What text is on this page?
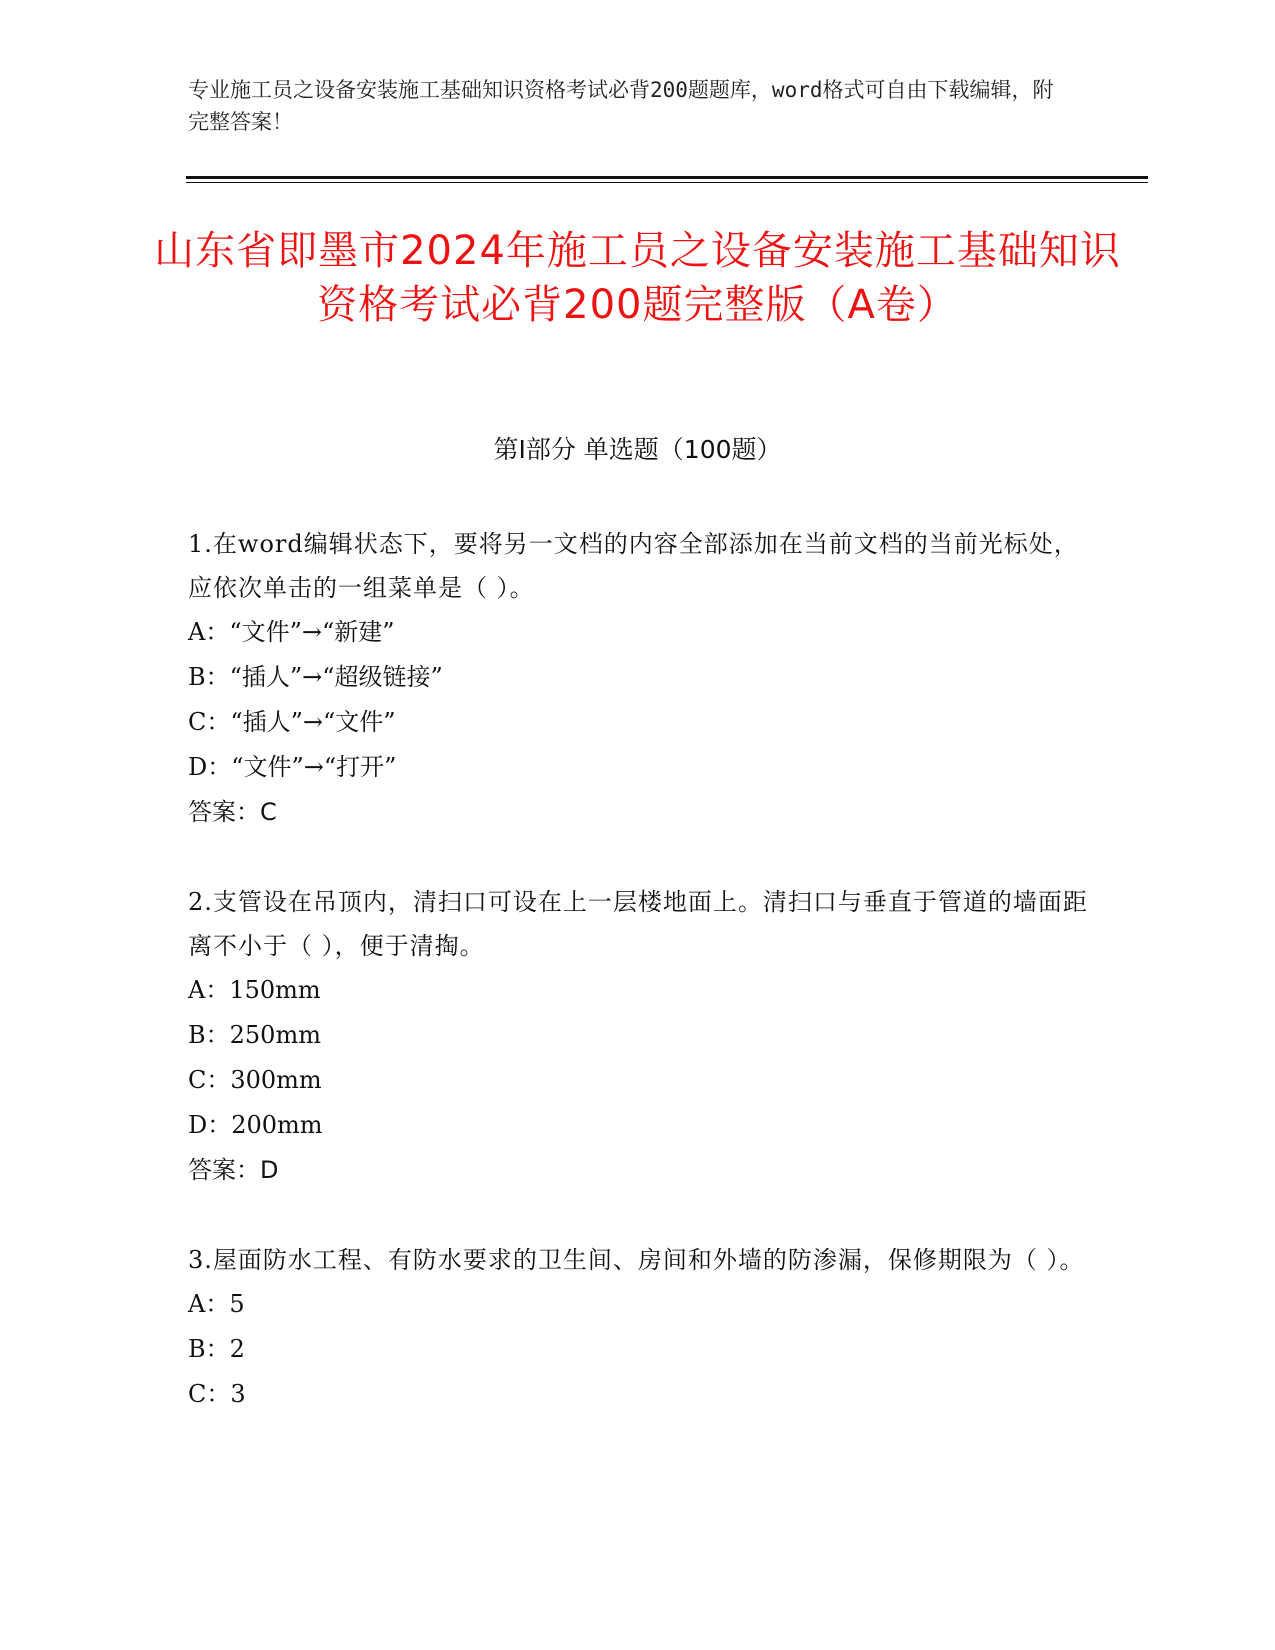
专业施工员之设备安装施工基础知识资格考试必背200题题库，word格式可自由下载编辑，附完整答案！
山东省即墨市2024年施工员之设备安装施工基础知识资格考试必背200题完整版（A卷）
第I部分 单选题（100题）

1.在word编辑状态下，要将另一文档的内容全部添加在当前文档的当前光标处，应依次单击的一组菜单是（ ）。

A：“文件”→“新建”

B：“插人”→“超级链接”

C：“插人”→“文件”

D：“文件”→“打开”

答案：C

2.支管设在吊顶内，清扫口可设在上一层楼地面上。清扫口与垂直于管道的墙面距离不小于（ ），便于清掏。

A：150mm

B：250mm

C：300mm

D：200mm

答案：D

3.屋面防水工程、有防水要求的卫生间、房间和外墙的防渗漏，保修期限为（ ）。

A：5

B：2

C：3
